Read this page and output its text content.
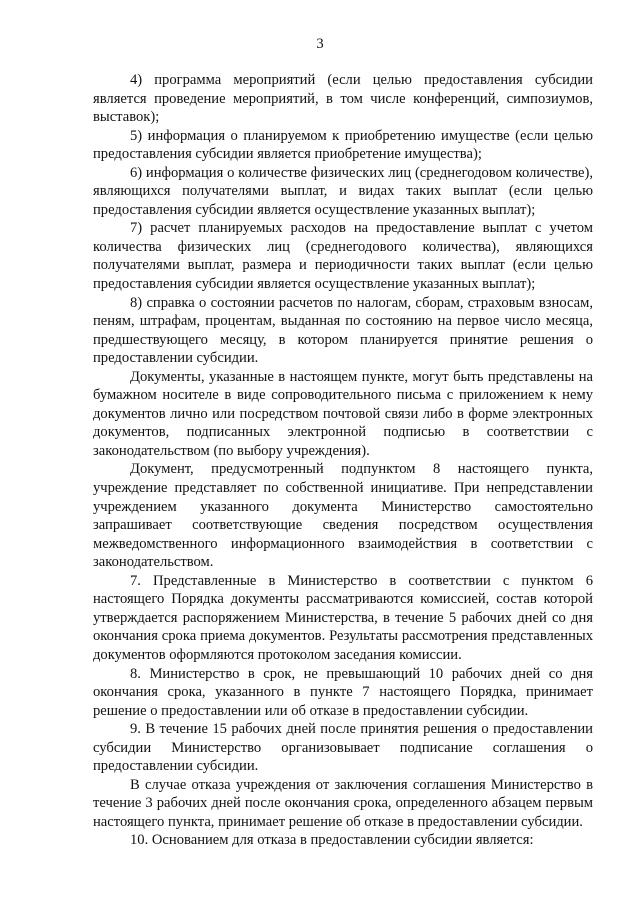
3

4) программа мероприятий (если целью предоставления субсидии является проведение мероприятий, в том числе конференций, симпозиумов, выставок);

5) информация о планируемом к приобретению имуществе (если целью предоставления субсидии является приобретение имущества);

6) информация о количестве физических лиц (среднегодовом количестве), являющихся получателями выплат, и видах таких выплат (если целью предоставления субсидии является осуществление указанных выплат);

7) расчет планируемых расходов на предоставление выплат с учетом количества физических лиц (среднегодового количества), являющихся получателями выплат, размера и периодичности таких выплат (если целью предоставления субсидии является осуществление указанных выплат);

8) справка о состоянии расчетов по налогам, сборам, страховым взносам, пеням, штрафам, процентам, выданная по состоянию на первое число месяца, предшествующего месяцу, в котором планируется принятие решения о предоставлении субсидии.

Документы, указанные в настоящем пункте, могут быть представлены на бумажном носителе в виде сопроводительного письма с приложением к нему документов лично или посредством почтовой связи либо в форме электронных документов, подписанных электронной подписью в соответствии с законодательством (по выбору учреждения).

Документ, предусмотренный подпунктом 8 настоящего пункта, учреждение представляет по собственной инициативе. При непредставлении учреждением указанного документа Министерство самостоятельно запрашивает соответствующие сведения посредством осуществления межведомственного информационного взаимодействия в соответствии с законодательством.

7. Представленные в Министерство в соответствии с пунктом 6 настоящего Порядка документы рассматриваются комиссией, состав которой утверждается распоряжением Министерства, в течение 5 рабочих дней со дня окончания срока приема документов. Результаты рассмотрения представленных документов оформляются протоколом заседания комиссии.

8. Министерство в срок, не превышающий 10 рабочих дней со дня окончания срока, указанного в пункте 7 настоящего Порядка, принимает решение о предоставлении или об отказе в предоставлении субсидии.

9. В течение 15 рабочих дней после принятия решения о предоставлении субсидии Министерство организовывает подписание соглашения о предоставлении субсидии.

В случае отказа учреждения от заключения соглашения Министерство в течение 3 рабочих дней после окончания срока, определенного абзацем первым настоящего пункта, принимает решение об отказе в предоставлении субсидии.

10. Основанием для отказа в предоставлении субсидии является:
